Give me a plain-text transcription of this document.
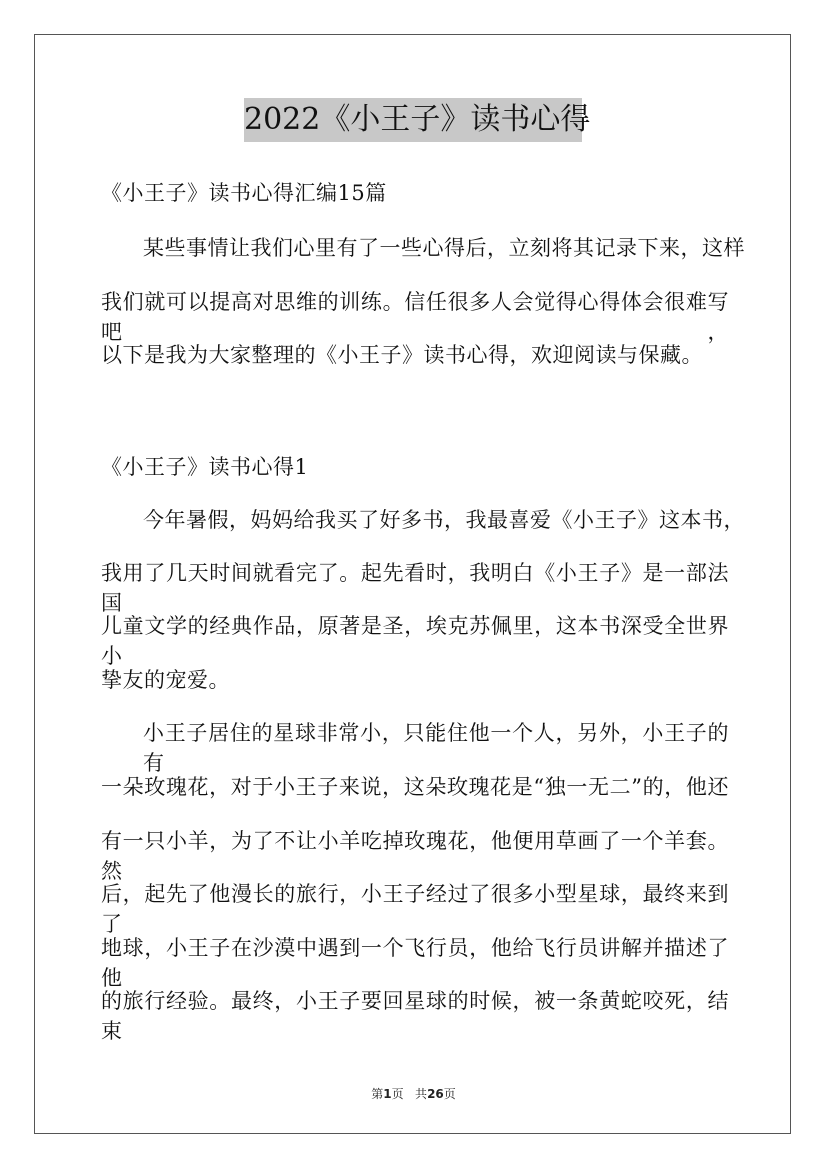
2022《小王子》读书心得
《小王子》读书心得汇编15篇
某些事情让我们心里有了一些心得后，立刻将其记录下来，这样
我们就可以提高对思维的训练。信任很多人会觉得心得体会很难写吧，
以下是我为大家整理的《小王子》读书心得，欢迎阅读与保藏。
《小王子》读书心得1
今年暑假，妈妈给我买了好多书，我最喜爱《小王子》这本书，
我用了几天时间就看完了。起先看时，我明白《小王子》是一部法国
儿童文学的经典作品，原著是圣，埃克苏佩里，这本书深受全世界小
挚友的宠爱。
小王子居住的星球非常小，只能住他一个人，另外，小王子的有
一朵玫瑰花，对于小王子来说，这朵玫瑰花是“独一无二”的，他还
有一只小羊，为了不让小羊吃掉玫瑰花，他便用草画了一个羊套。然
后，起先了他漫长的旅行，小王子经过了很多小型星球，最终来到了
地球，小王子在沙漠中遇到一个飞行员，他给飞行员讲解并描述了他
的旅行经验。最终，小王子要回星球的时候，被一条黄蛇咬死，结束
第1页 共26页
